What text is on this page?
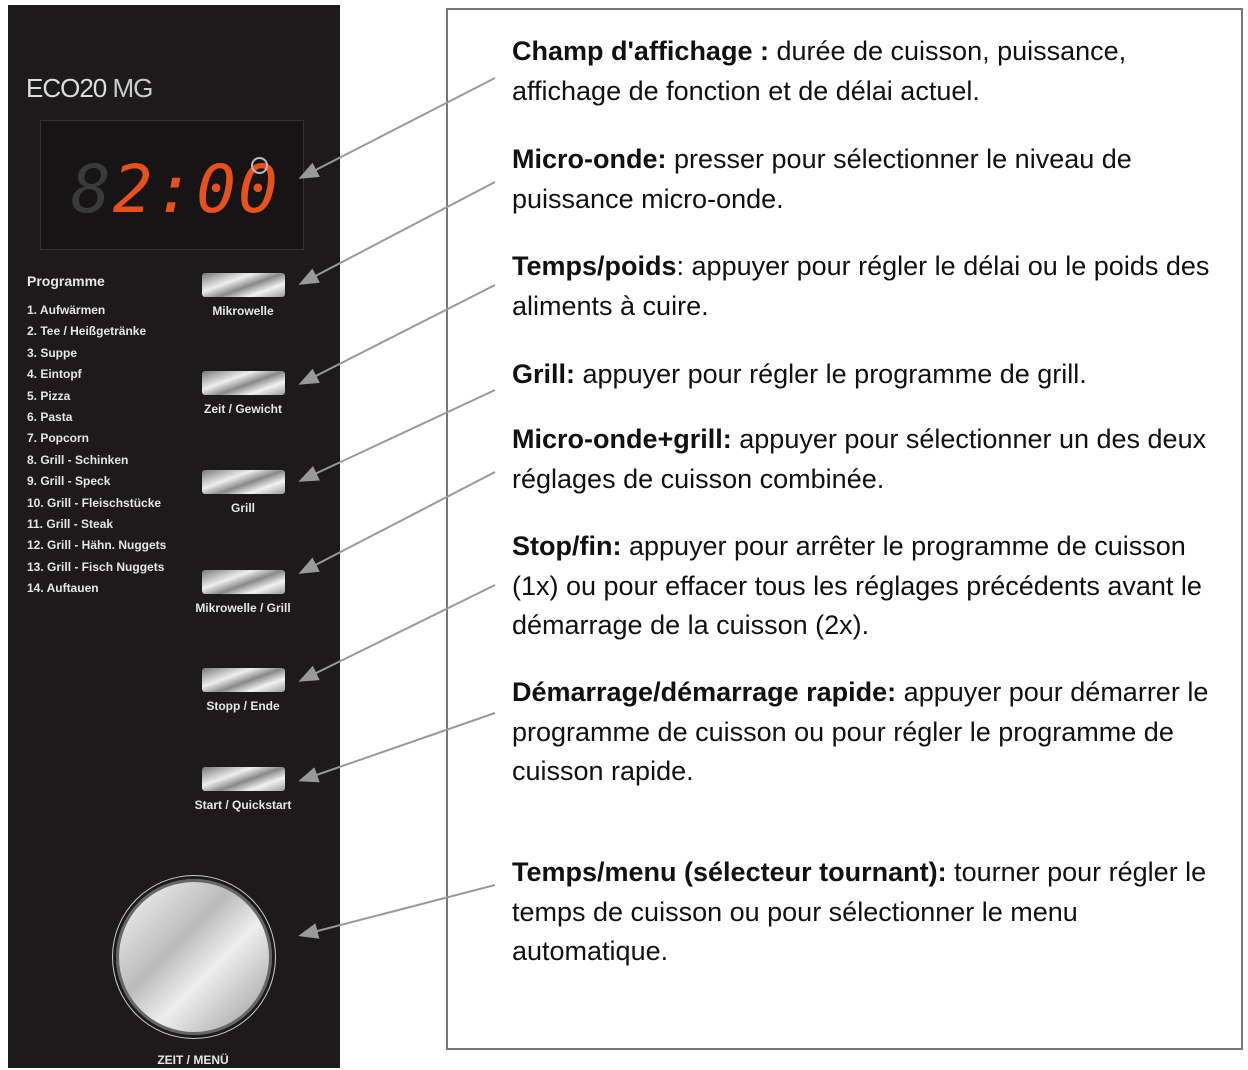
ECO20 MG
82:00
Programme
1. Aufwärmen
2. Tee / Heißgetränke
3. Suppe
4. Eintopf
5. Pizza
6. Pasta
7. Popcorn
8. Grill - Schinken
9. Grill - Speck
10. Grill - Fleischstücke
11. Grill - Steak
12. Grill - Hähn. Nuggets
13. Grill - Fisch Nuggets
14. Auftauen
Mikrowelle
Zeit / Gewicht
Grill
Mikrowelle / Grill
Stopp / Ende
Start / Quickstart
ZEIT / MENÜ
Champ d'affichage : durée de cuisson, puissance, affichage de fonction et de délai actuel.
Micro-onde: presser pour sélectionner le niveau de puissance micro-onde.
Temps/poids: appuyer pour régler le délai ou le poids des aliments à cuire.
Grill: appuyer pour régler le programme de grill.
Micro-onde+grill: appuyer pour sélectionner un des deux réglages de cuisson combinée.
Stop/fin: appuyer pour arrêter le programme de cuisson (1x) ou pour effacer tous les réglages précédents avant le démarrage de la cuisson (2x).
Démarrage/démarrage rapide: appuyer pour démarrer le programme de cuisson ou pour régler le programme de cuisson rapide.
Temps/menu (sélecteur tournant): tourner pour régler le temps de cuisson ou pour sélectionner le menu automatique.
